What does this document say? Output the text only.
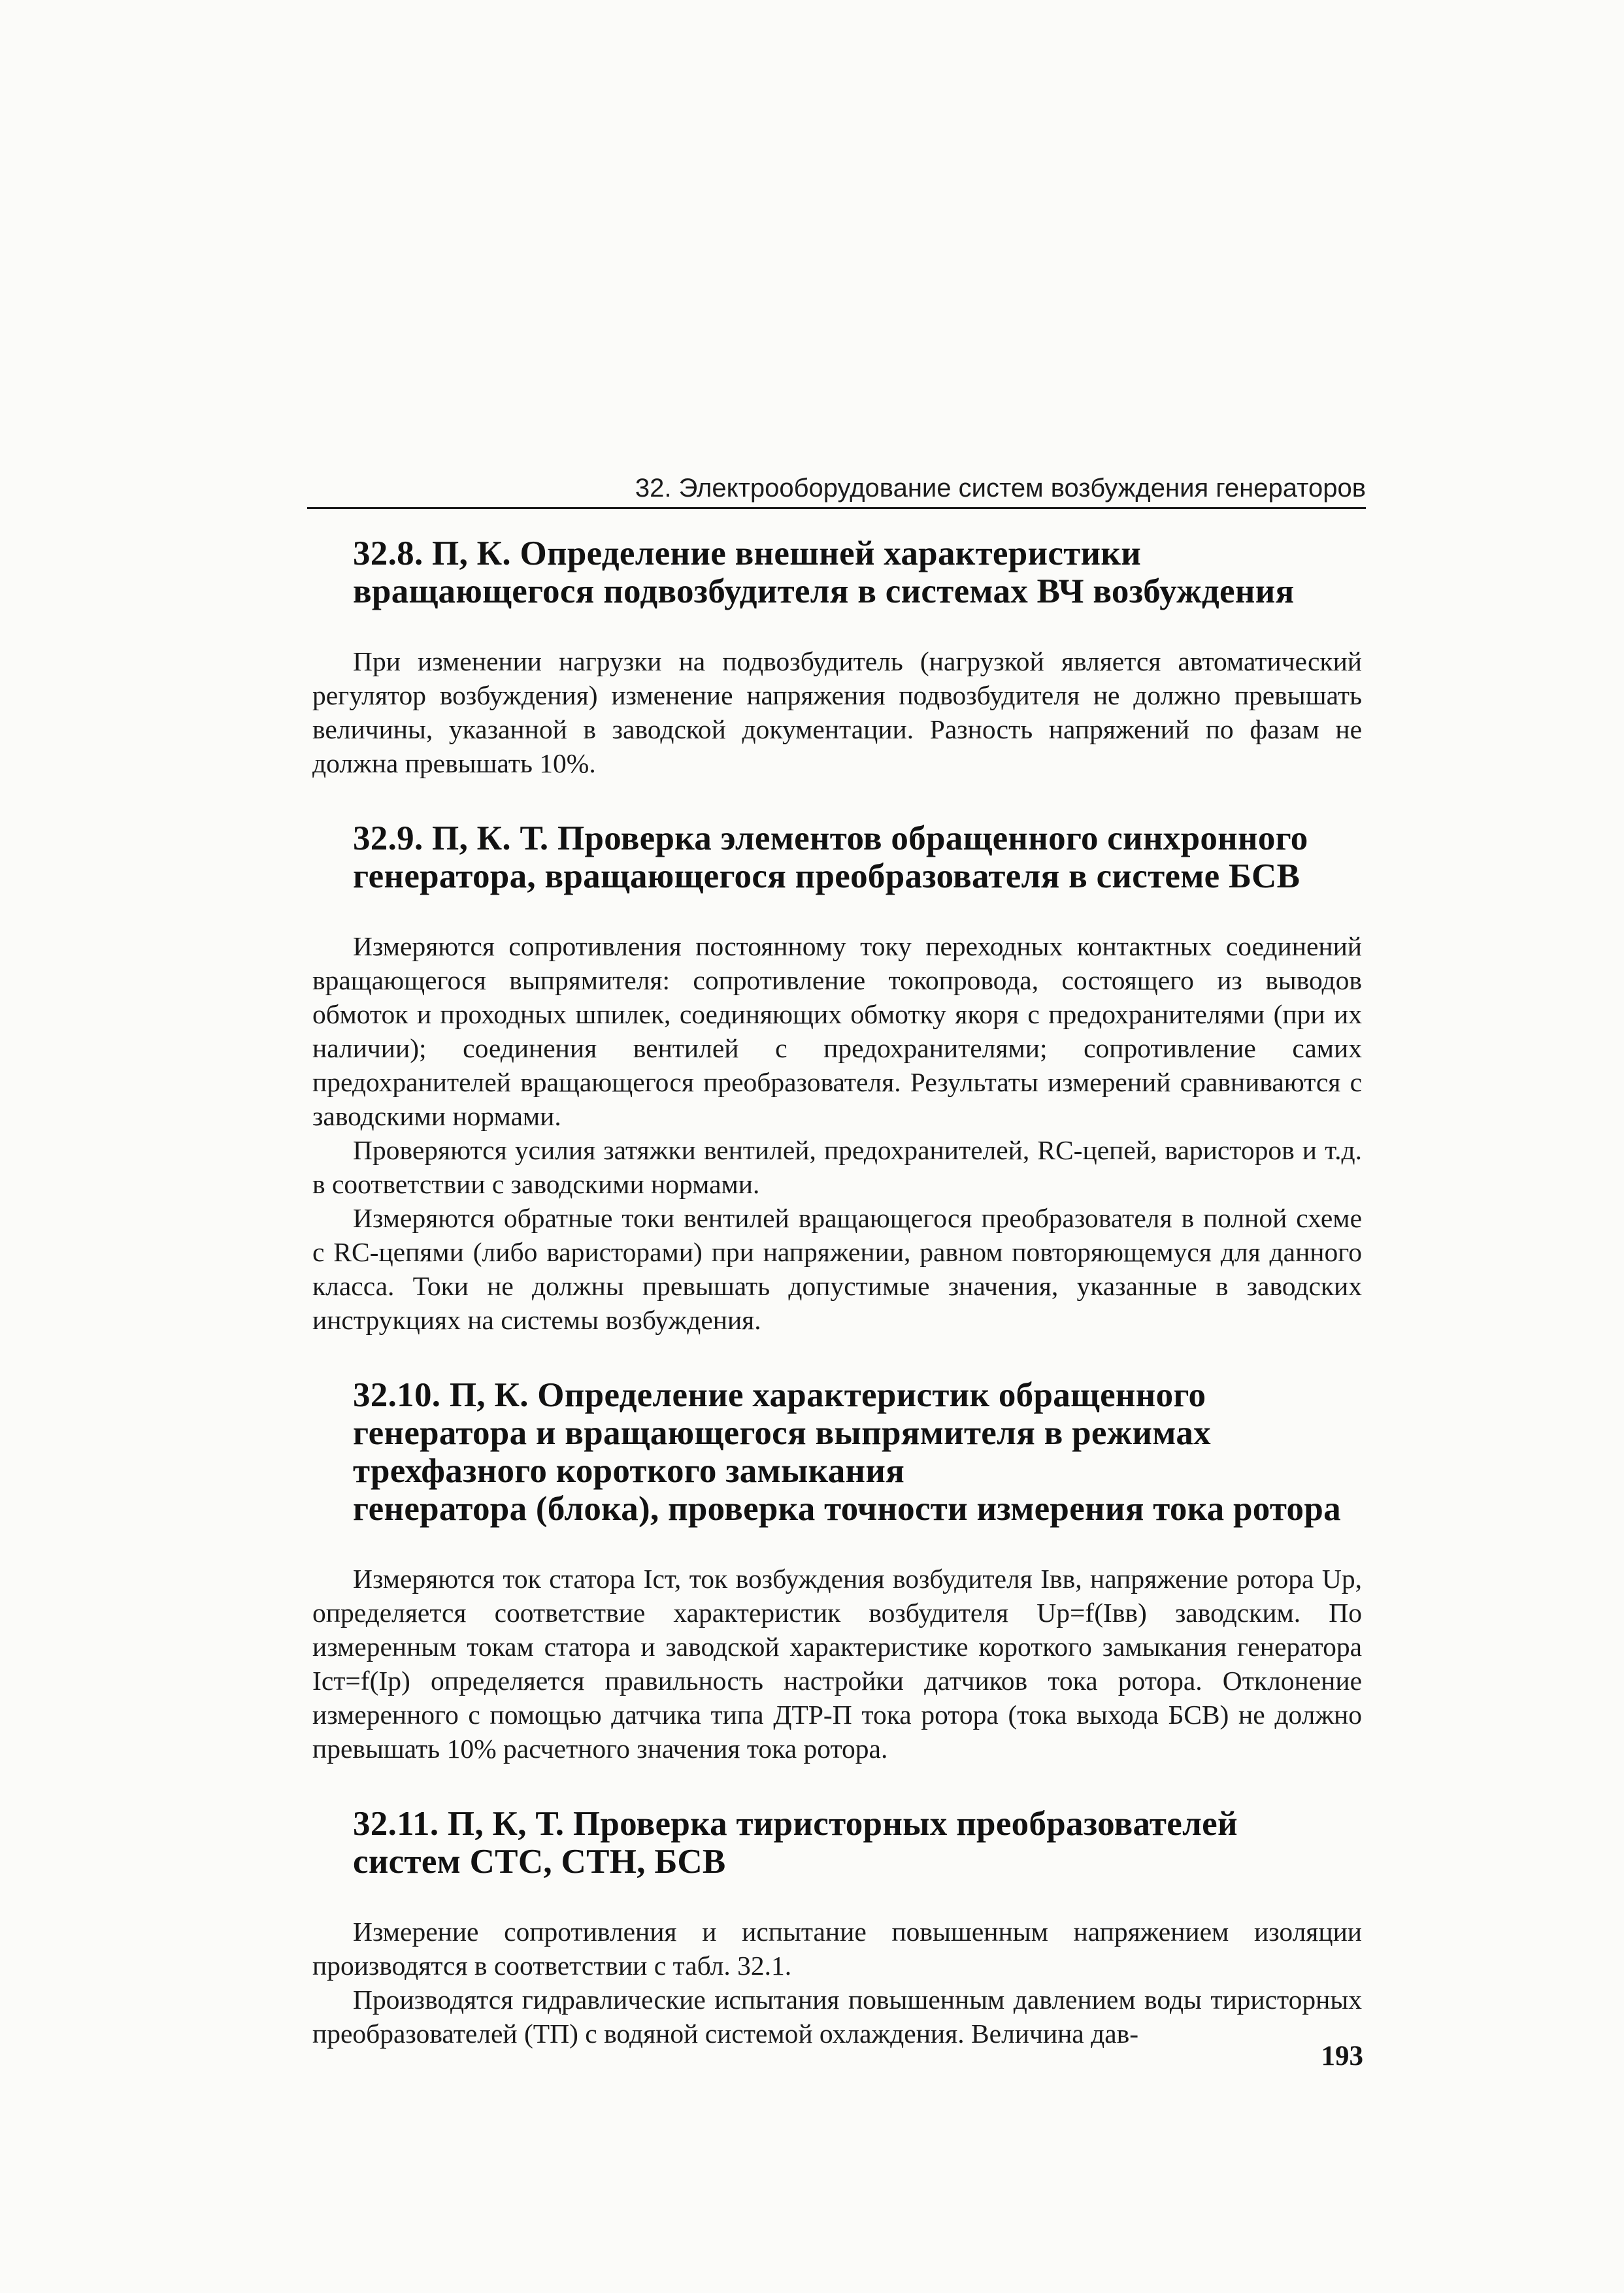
32. Электрооборудование систем возбуждения генераторов
32.8. П, К. Определение внешней характеристики
вращающегося подвозбудителя в системах ВЧ возбуждения

При изменении нагрузки на подвозбудитель (нагрузкой является автоматический регулятор возбуждения) изменение напряжения подвозбудителя не должно превышать величины, указанной в заводской документации. Разность напряжений по фазам не должна превышать 10%.

32.9. П, К. Т. Проверка элементов обращенного синхронного
генератора, вращающегося преобразователя в системе БСВ

Измеряются сопротивления постоянному току переходных контактных соединений вращающегося выпрямителя: сопротивление токопровода, состоящего из выводов обмоток и проходных шпилек, соединяющих обмотку якоря с предохранителями (при их наличии); соединения вентилей с предохранителями; сопротивление самих предохранителей вращающегося преобразователя. Результаты измерений сравниваются с заводскими нормами.

Проверяются усилия затяжки вентилей, предохранителей, RC-цепей, варисторов и т.д. в соответствии с заводскими нормами.

Измеряются обратные токи вентилей вращающегося преобразователя в полной схеме с RC-цепями (либо варисторами) при напряжении, равном повторяющемуся для данного класса. Токи не должны превышать допустимые значения, указанные в заводских инструкциях на системы возбуждения.

32.10. П, К. Определение характеристик обращенного
генератора и вращающегося выпрямителя в режимах
трехфазного короткого замыкания
генератора (блока), проверка точности измерения тока ротора

Измеряются ток статора Iст, ток возбуждения возбудителя Iвв, напряжение ротора Uр, определяется соответствие характеристик возбудителя Uр=f(Iвв) заводским. По измеренным токам статора и заводской характеристике короткого замыкания генератора Iст=f(Iр) определяется правильность настройки датчиков тока ротора. Отклонение измеренного с помощью датчика типа ДТР-П тока ротора (тока выхода БСВ) не должно превышать 10% расчетного значения тока ротора.

32.11. П, К, Т. Проверка тиристорных преобразователей
систем СТС, СТН, БСВ

Измерение сопротивления и испытание повышенным напряжением изоляции производятся в соответствии с табл. 32.1.

Производятся гидравлические испытания повышенным давлением воды тиристорных преобразователей (ТП) с водяной системой охлаждения. Величина дав-

193
